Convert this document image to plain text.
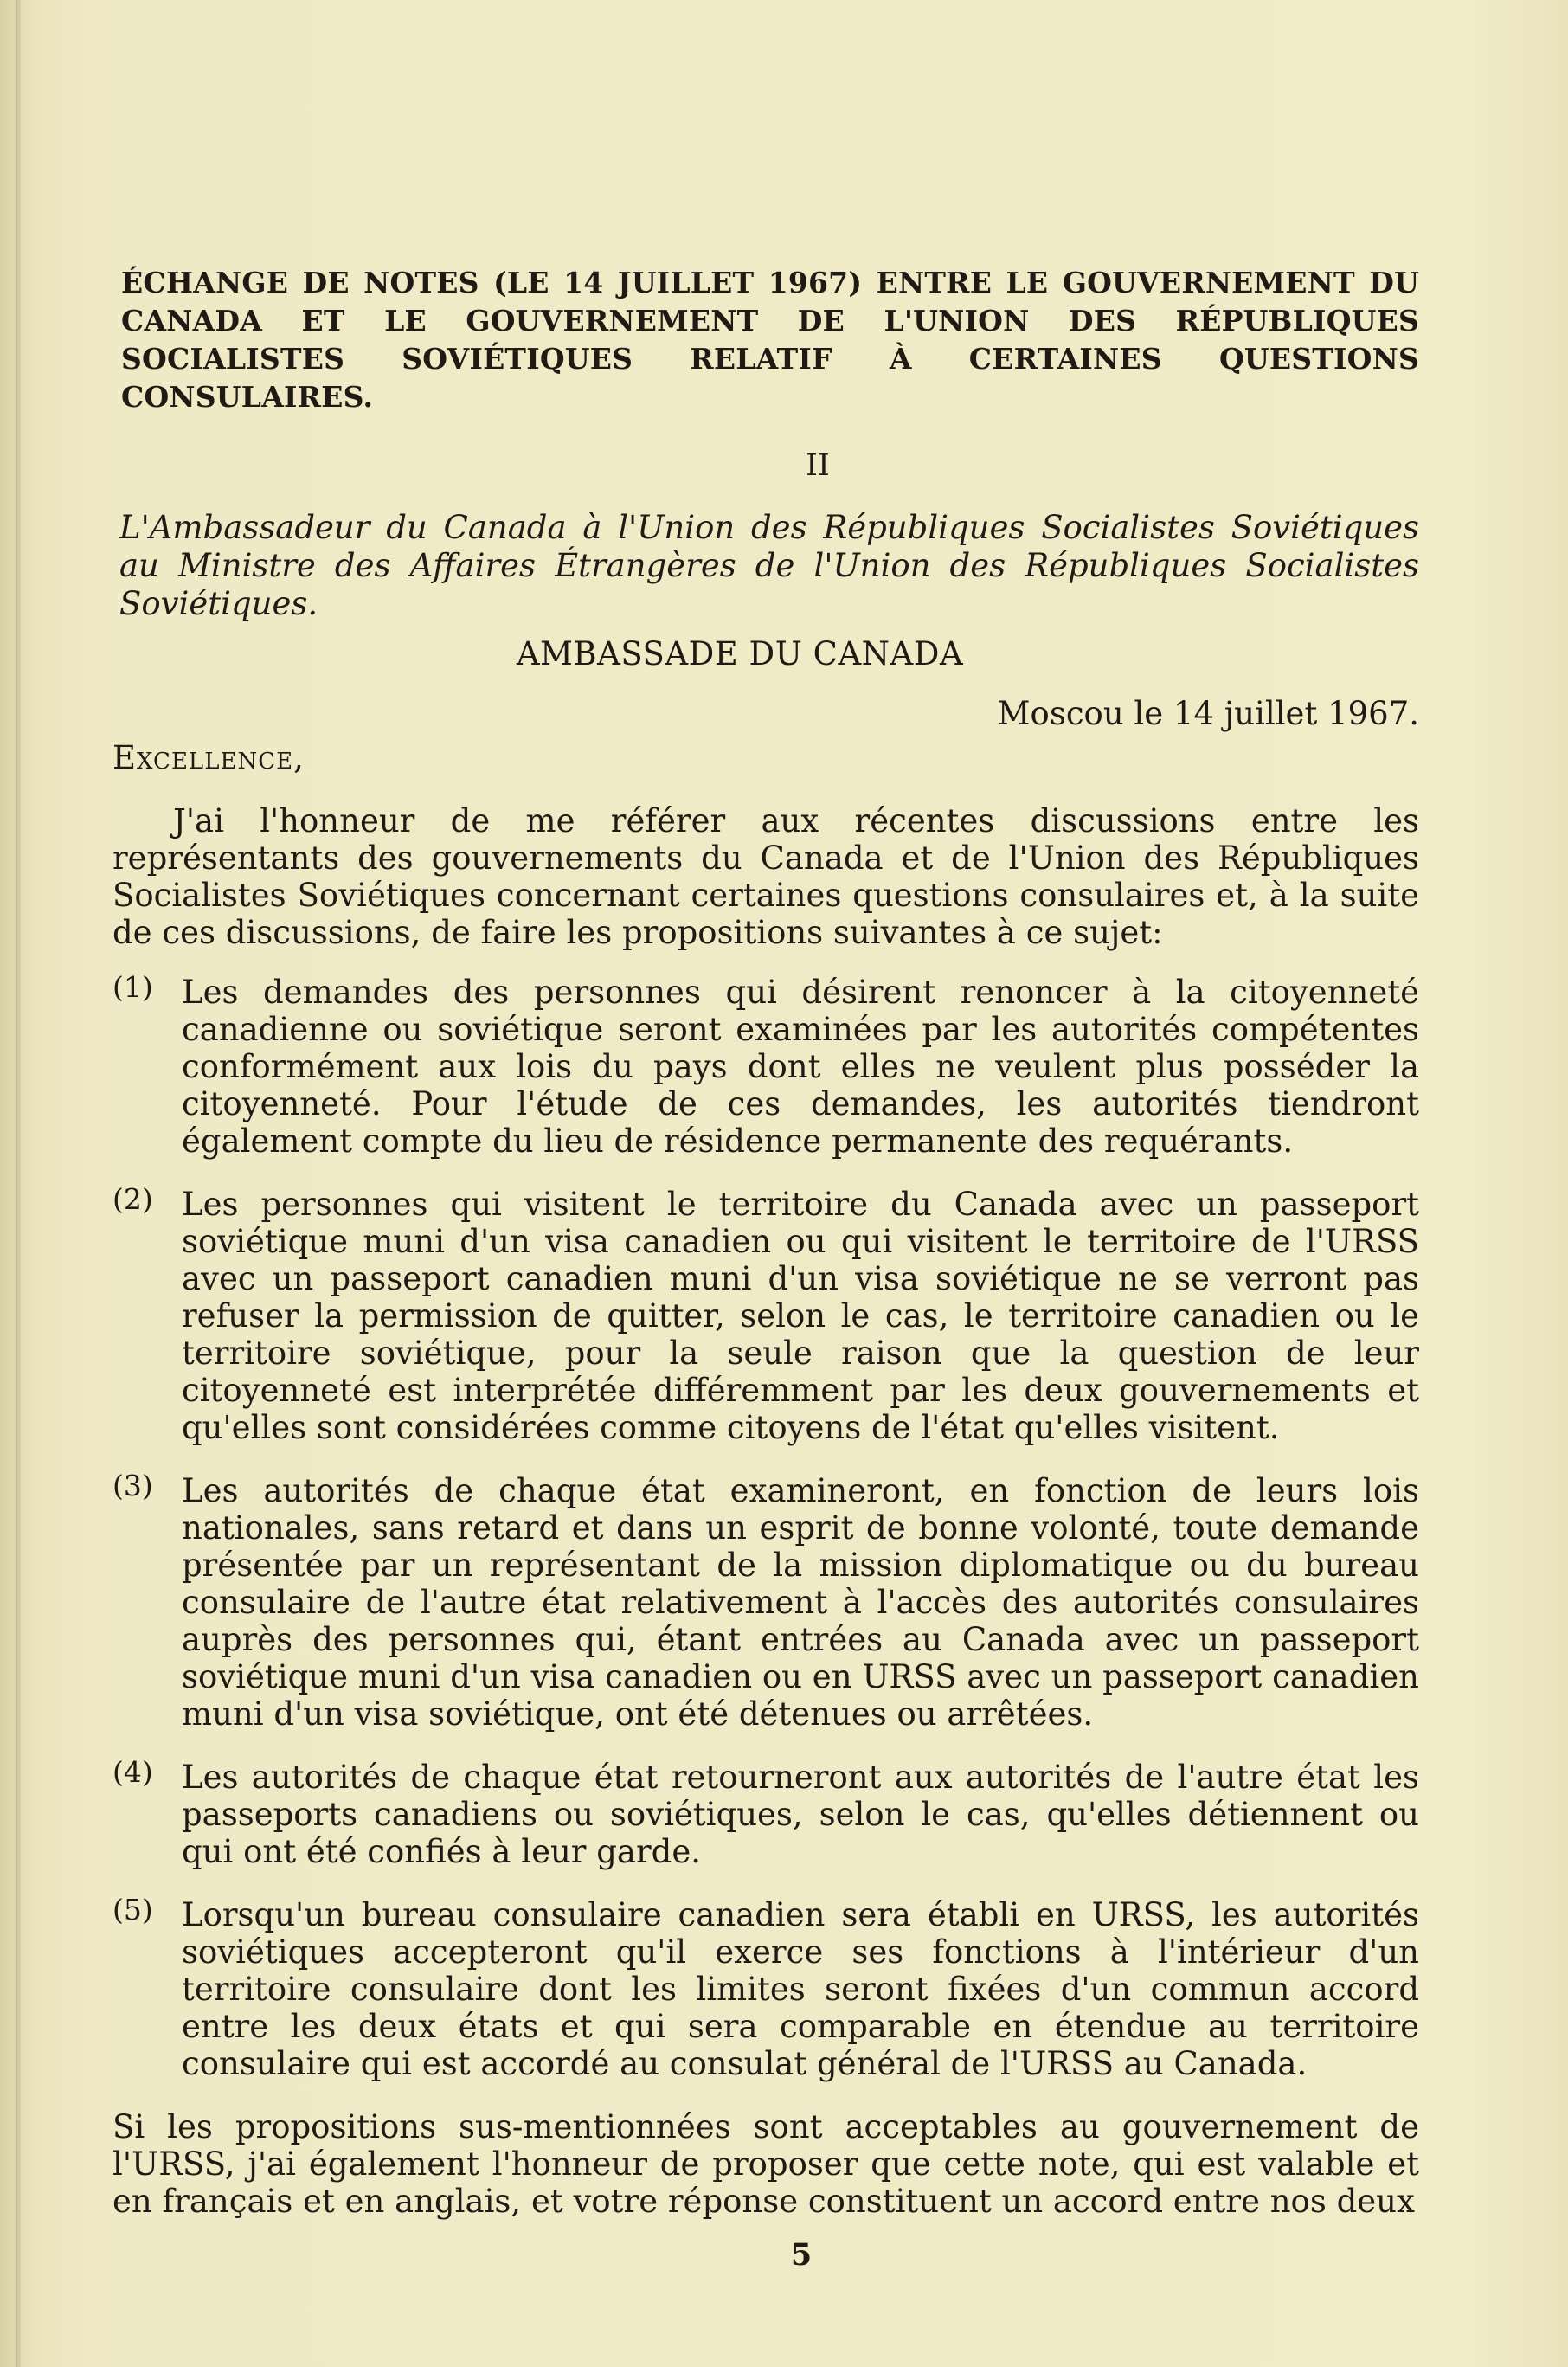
ÉCHANGE DE NOTES (LE 14 JUILLET 1967) ENTRE LE GOUVERNEMENT DU CANADA ET LE GOUVERNEMENT DE L'UNION DES RÉPUBLIQUES SOCIALISTES SOVIÉTIQUES RELATIF À CERTAINES QUESTIONS CONSULAIRES.
II
L'Ambassadeur du Canada à l'Union des Républiques Socialistes Soviétiques au Ministre des Affaires Étrangères de l'Union des Républiques Socialistes Soviétiques.
AMBASSADE DU CANADA
Moscou le 14 juillet 1967.
Excellence,
J'ai l'honneur de me référer aux récentes discussions entre les représentants des gouvernements du Canada et de l'Union des Républiques Socialistes Soviétiques concernant certaines questions consulaires et, à la suite de ces discussions, de faire les propositions suivantes à ce sujet:
(1) Les demandes des personnes qui désirent renoncer à la citoyenneté canadienne ou soviétique seront examinées par les autorités compétentes conformément aux lois du pays dont elles ne veulent plus posséder la citoyenneté. Pour l'étude de ces demandes, les autorités tiendront également compte du lieu de résidence permanente des requérants.
(2) Les personnes qui visitent le territoire du Canada avec un passeport soviétique muni d'un visa canadien ou qui visitent le territoire de l'URSS avec un passeport canadien muni d'un visa soviétique ne se verront pas refuser la permission de quitter, selon le cas, le territoire canadien ou le territoire soviétique, pour la seule raison que la question de leur citoyenneté est interprétée différemment par les deux gouvernements et qu'elles sont considérées comme citoyens de l'état qu'elles visitent.
(3) Les autorités de chaque état examineront, en fonction de leurs lois nationales, sans retard et dans un esprit de bonne volonté, toute demande présentée par un représentant de la mission diplomatique ou du bureau consulaire de l'autre état relativement à l'accès des autorités consulaires auprès des personnes qui, étant entrées au Canada avec un passeport soviétique muni d'un visa canadien ou en URSS avec un passeport canadien muni d'un visa soviétique, ont été détenues ou arrêtées.
(4) Les autorités de chaque état retourneront aux autorités de l'autre état les passeports canadiens ou soviétiques, selon le cas, qu'elles détiennent ou qui ont été confiés à leur garde.
(5) Lorsqu'un bureau consulaire canadien sera établi en URSS, les autorités soviétiques accepteront qu'il exerce ses fonctions à l'intérieur d'un territoire consulaire dont les limites seront fixées d'un commun accord entre les deux états et qui sera comparable en étendue au territoire consulaire qui est accordé au consulat général de l'URSS au Canada.
Si les propositions sus-mentionnées sont acceptables au gouvernement de l'URSS, j'ai également l'honneur de proposer que cette note, qui est valable et en français et en anglais, et votre réponse constituent un accord entre nos deux
5
